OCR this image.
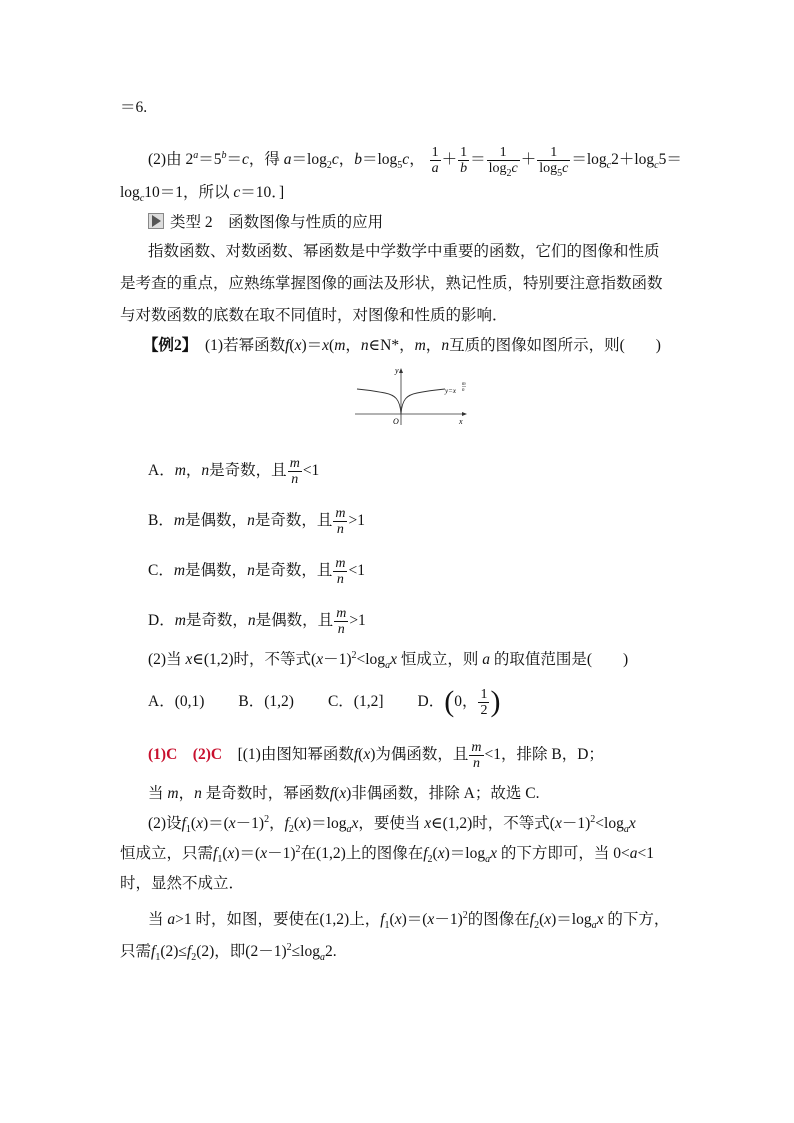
＝6.
(2)由 $2^a=5^b=c$，得 $a=\log_2c$，$b=\log_5c$， $\frac{1}{a} + \frac{1}{b} = \frac{1}{\log_2c} + \frac{1}{\log_5c} =\log_c2+\log_c5=$
$\log_c10=1$，所以 c＝10．]
类型 2　函数图像与性质的应用
指数函数、对数函数、幂函数是中学数学中重要的函数，它们的图像和性质
是考查的重点，应熟练掌握图像的画法及形状，熟记性质，特别要注意指数函数
与对数函数的底数在取不同值时，对图像和性质的影响．
【例2】　(1)若幂函数f(x)＝x(m，n∈N*，m，n互质的图像如图所示，则(　　)
y
x
O
y=x
m
n
A．m，n是奇数，且 $\frac{m}{n} <1$
B．m是偶数，n是奇数，且 $\frac{m}{n} >1$
C．m是偶数，n是奇数，且 $\frac{m}{n} <1$
D．m是奇数，n是偶数，且 $\frac{m}{n} >1$
(2)当 x∈(1,2)时，不等式$(x-1)^2<\log_ax$ 恒成立，则 a 的取值范围是(　　)
A．(0,1) B．(1,2) C．(1,2] D．(0， $\frac{1}{2}$ )
(1)C　 (2)C　 [(1)由图知幂函数f(x)为偶函数，且 $\frac{m}{n} <1$，排除 B，D；
当 m，n 是奇数时，幂函数f(x)非偶函数，排除 A；故选 C.
(2)设$f_1(x)=(x-1)^2$，$f_2(x)=\log_ax$，要使当 x∈(1,2)时，不等式$(x-1)^2<\log_ax$
恒成立，只需$f_1(x)=(x-1)^2$在(1,2)上的图像在$f_2(x)=\log_ax$ 的下方即可，当 0<a<1
时，显然不成立．
当 a>1 时，如图，要使在(1,2)上，$f_1(x)=(x-1)^2$的图像在$f_2(x)=\log_ax$ 的下方，
只需$f_1(2)\le f_2(2)$，即$(2-1)^2\le\log_a2$.
